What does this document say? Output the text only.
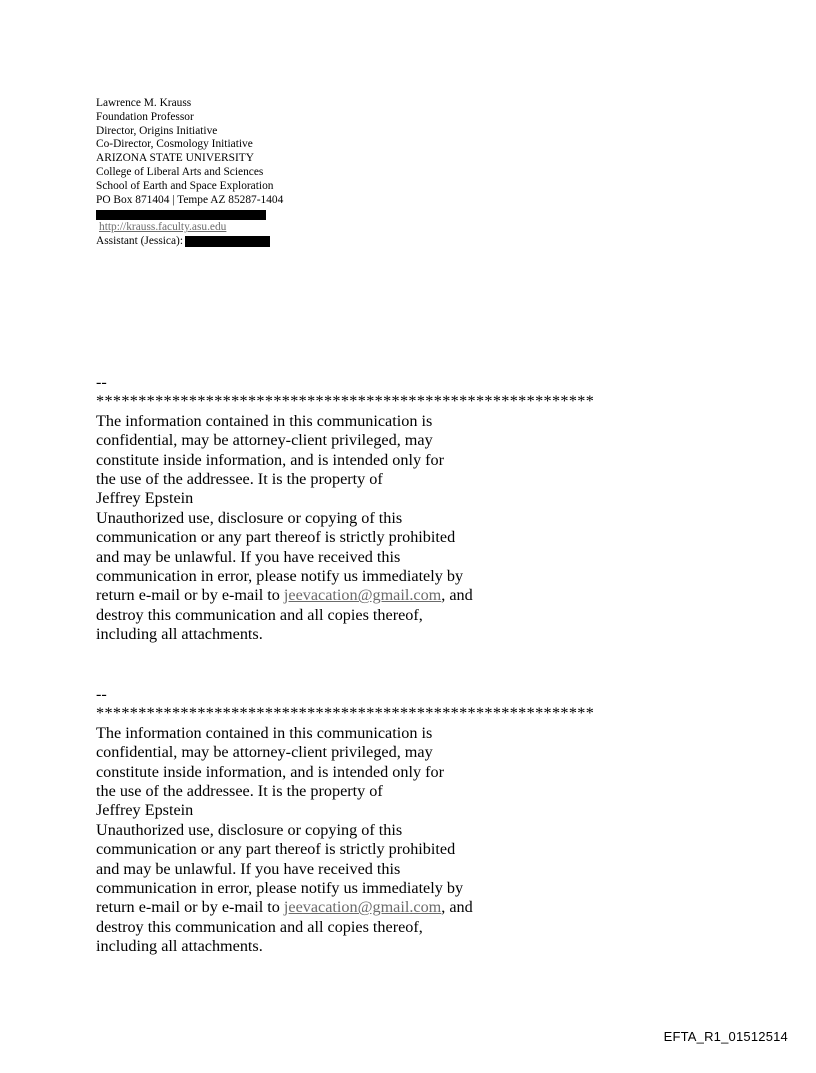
Lawrence M. Krauss
Foundation Professor
Director, Origins Initiative
Co-Director, Cosmology Initiative
ARIZONA STATE UNIVERSITY
College of Liberal Arts and Sciences
School of Earth and Space Exploration
PO Box 871404 | Tempe AZ 85287-1404
http://krauss.faculty.asu.edu
Assistant (Jessica):
--
***********************************************************
The information contained in this communication is
confidential, may be attorney-client privileged, may
constitute inside information, and is intended only for
the use of the addressee. It is the property of
Jeffrey Epstein
Unauthorized use, disclosure or copying of this
communication or any part thereof is strictly prohibited
and may be unlawful. If you have received this
communication in error, please notify us immediately by
return e-mail or by e-mail to jeevacation@gmail.com, and
destroy this communication and all copies thereof,
including all attachments.
--
***********************************************************
The information contained in this communication is
confidential, may be attorney-client privileged, may
constitute inside information, and is intended only for
the use of the addressee. It is the property of
Jeffrey Epstein
Unauthorized use, disclosure or copying of this
communication or any part thereof is strictly prohibited
and may be unlawful. If you have received this
communication in error, please notify us immediately by
return e-mail or by e-mail to jeevacation@gmail.com, and
destroy this communication and all copies thereof,
including all attachments.
EFTA_R1_01512514
